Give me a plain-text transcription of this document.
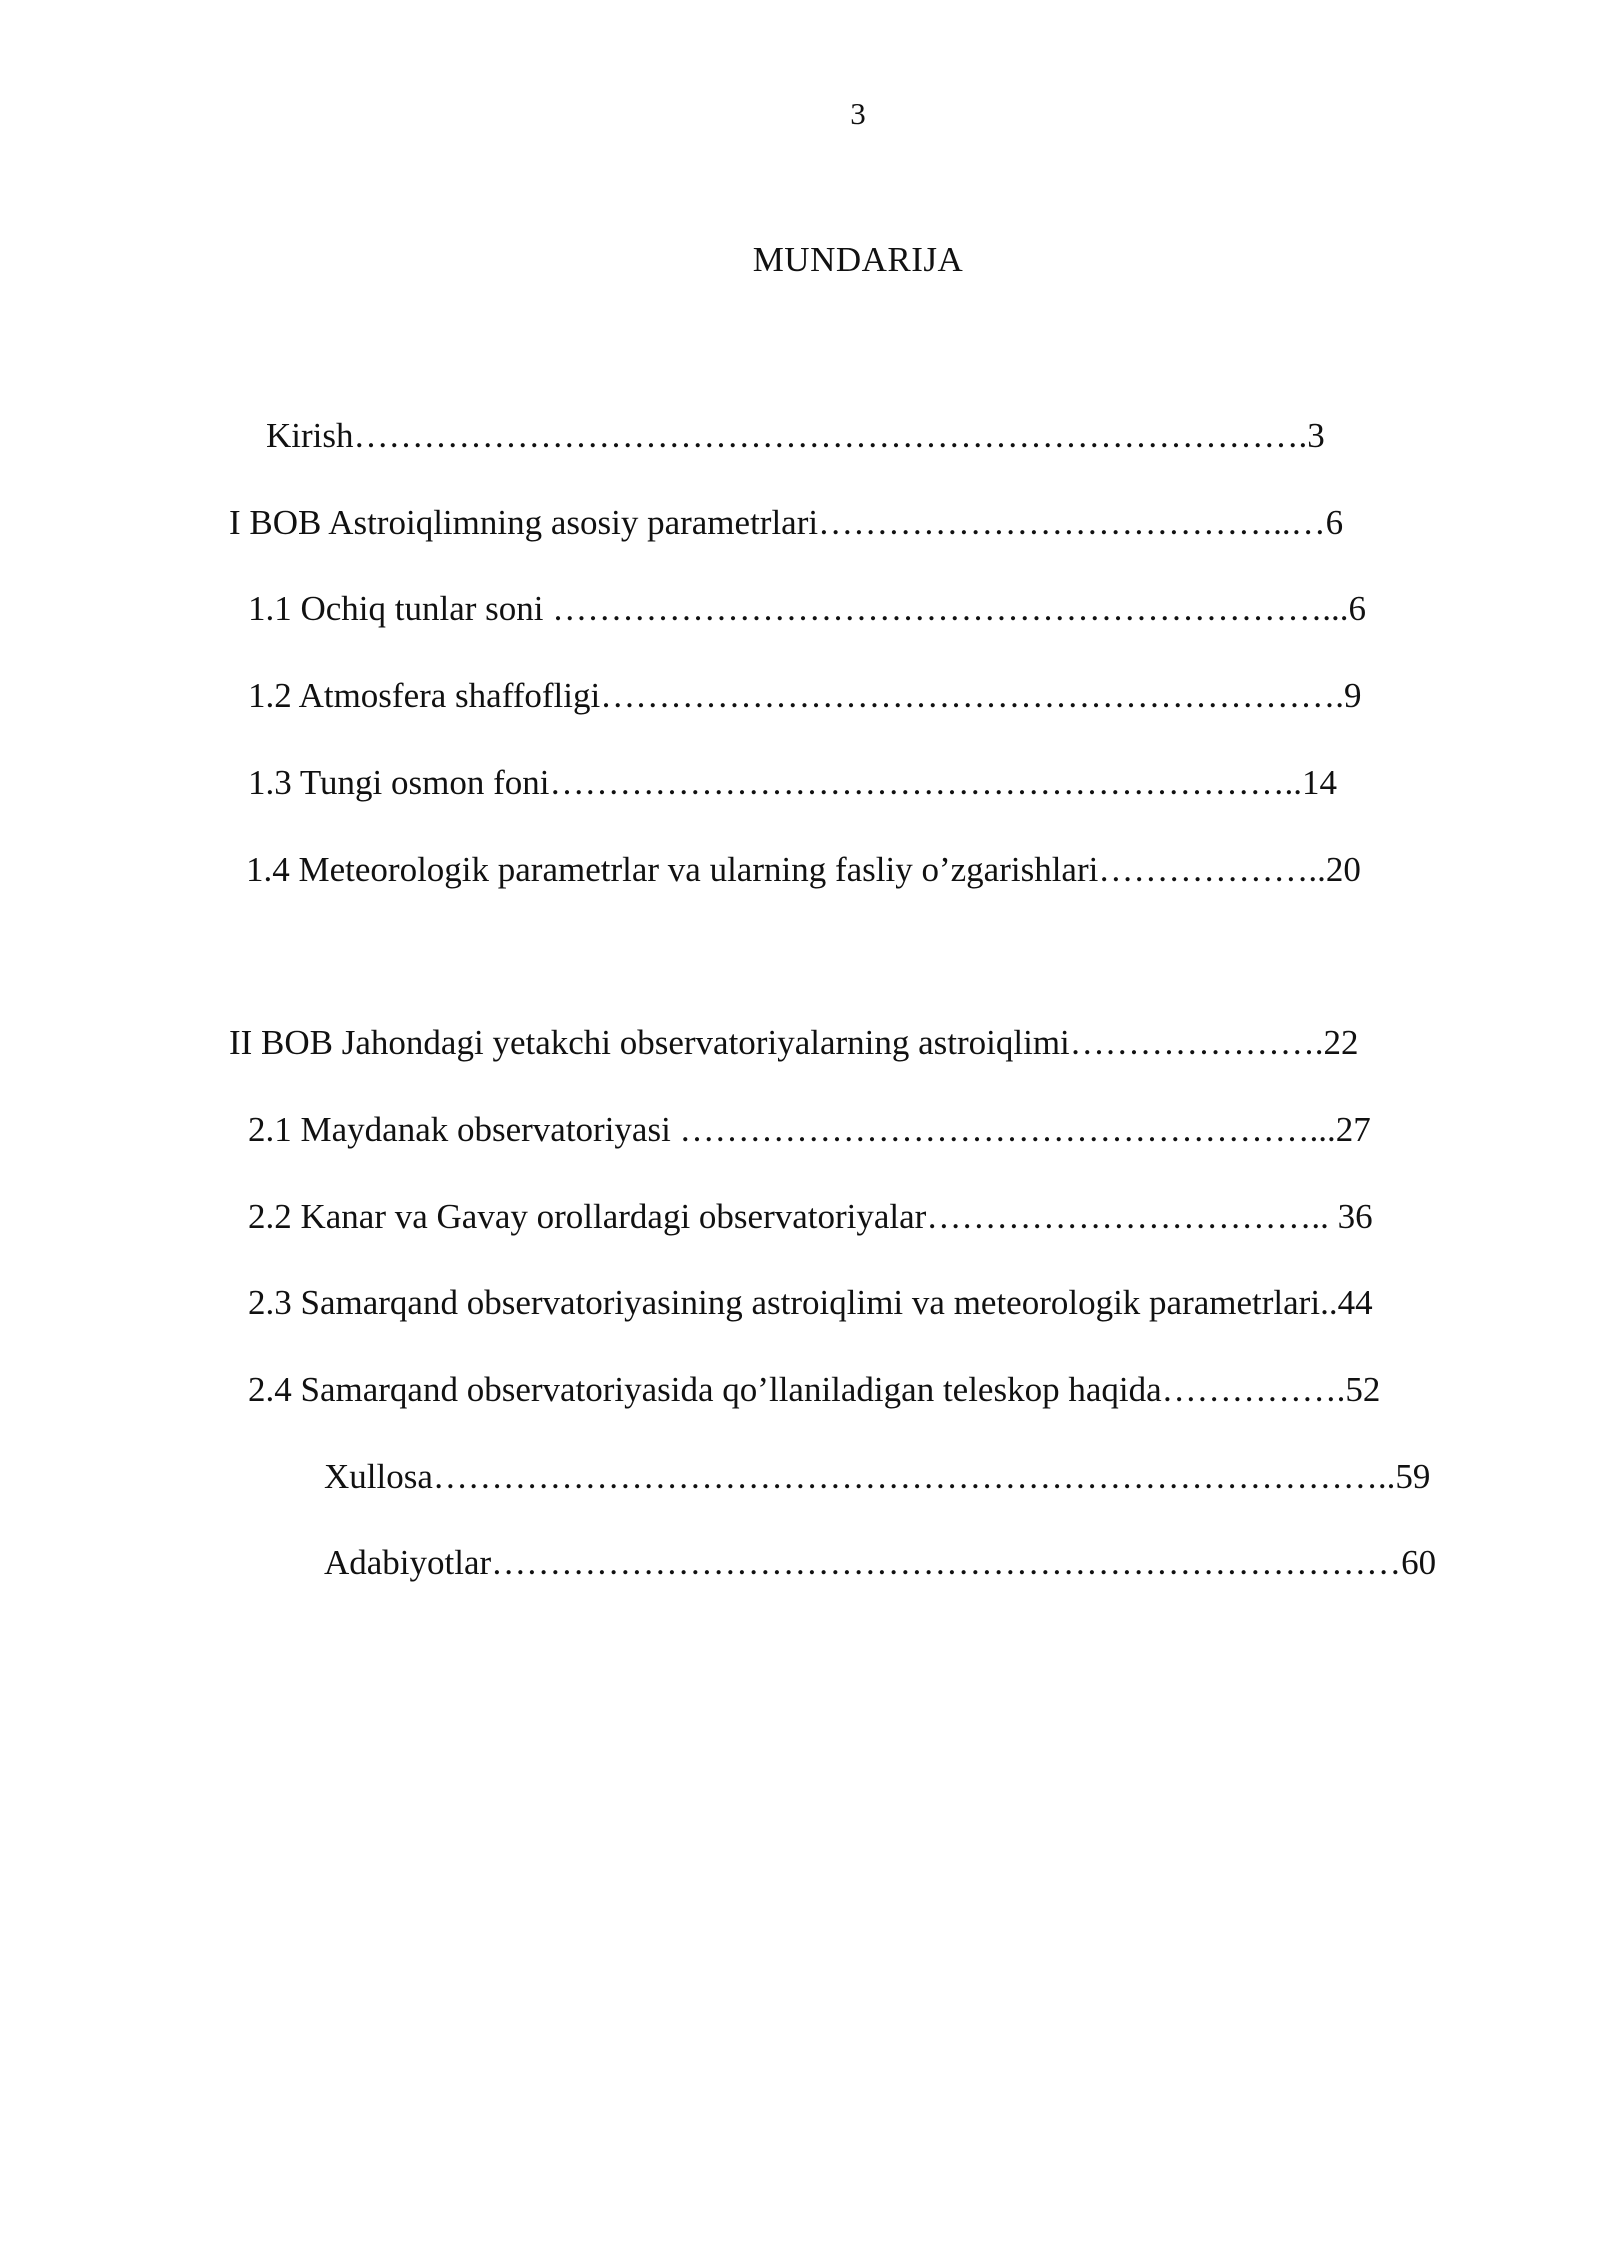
3
MUNDARIJA
Kirish……………………………………………………………………….3
I BOB Astroiqlimning asosiy parametrlari…………………………………..…6
1.1 Ochiq tunlar soni …………………………………………………………...6
1.2 Atmosfera shaffofligi……………………………………………………….9
1.3 Tungi osmon foni………………………………………………………..14
1.4 Meteorologik parametrlar va ularning fasliy o’zgarishlari………………..20
II BOB Jahondagi yetakchi observatoriyalarning astroiqlimi………………….22
2.1 Maydanak observatoriyasi ………………………………………………...27
2.2 Kanar va Gavay orollardagi observatoriyalar…………………………….. 36
2.3 Samarqand observatoriyasining astroiqlimi va meteorologik parametrlari..44
2.4 Samarqand observatoriyasida qo’llaniladigan teleskop haqida…………….52
Xullosa………………………………………………………………………..59
Adabiyotlar……………………………………………………………………60
